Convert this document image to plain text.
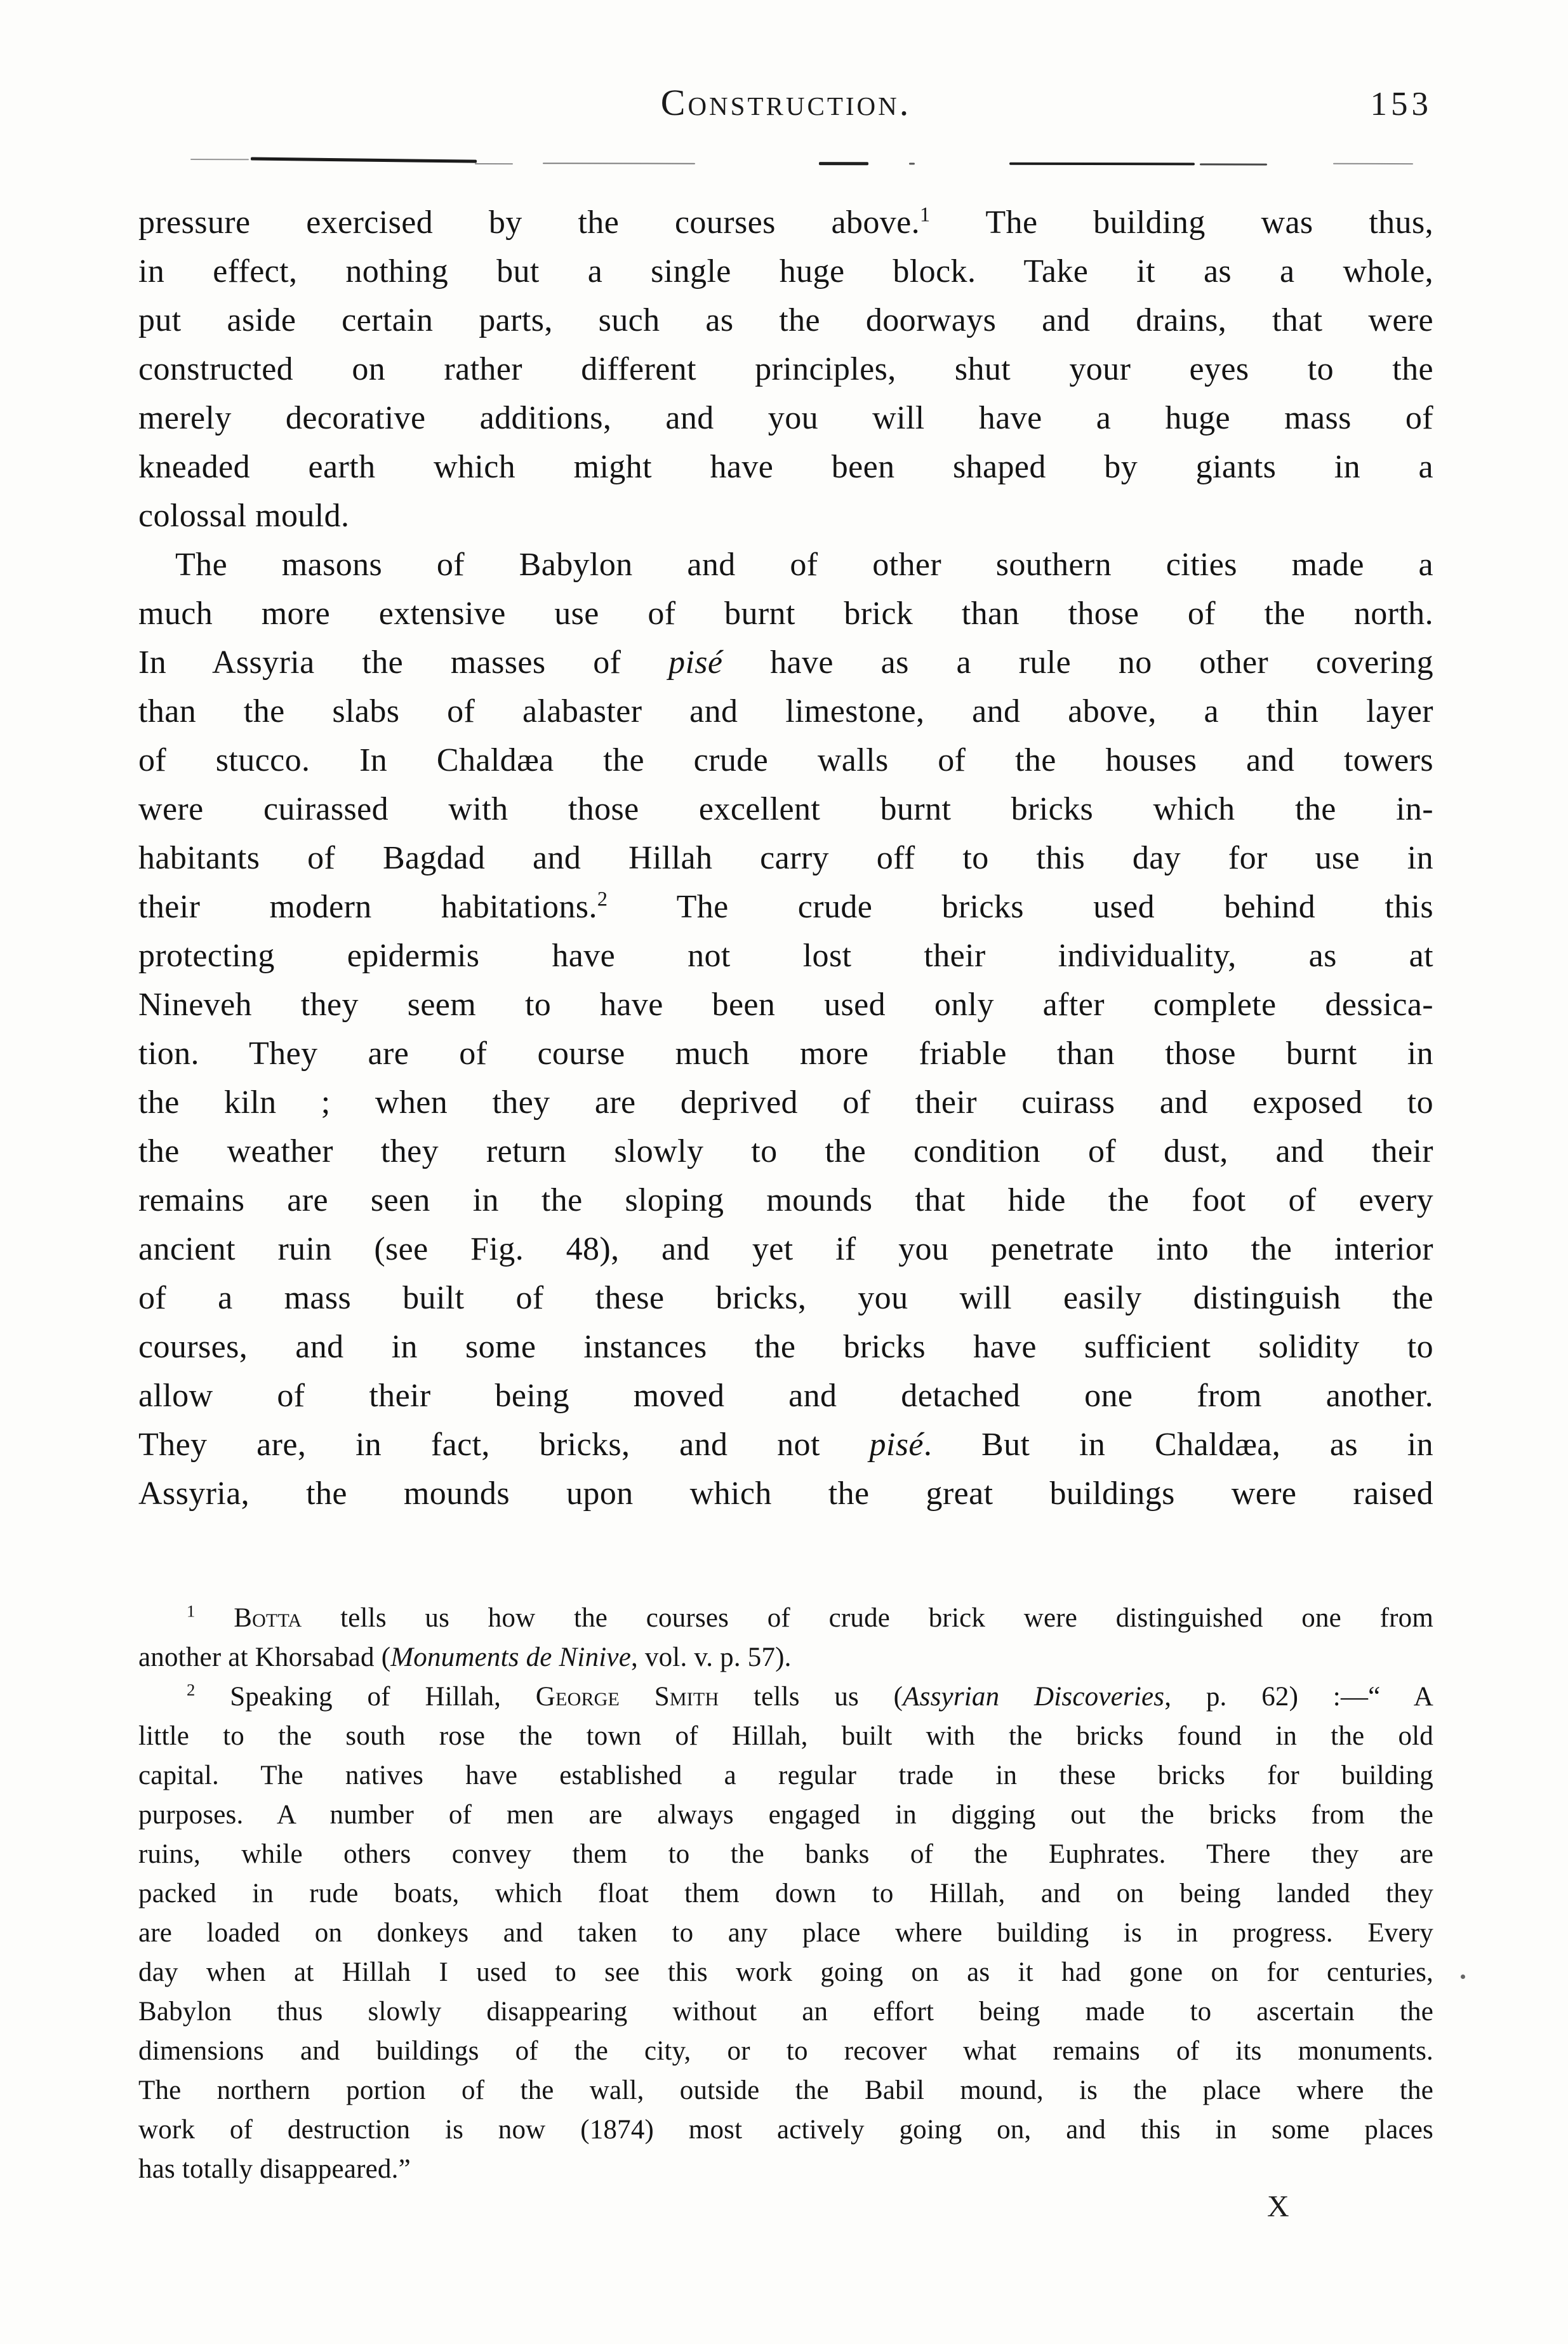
Construction.	153
pressure exercised by the courses above.$^1$ The building was thus,
in effect, nothing but a single huge block. Take it as a whole,
put aside certain parts, such as the doorways and drains, that were
constructed on rather different principles, shut your eyes to the
merely decorative additions, and you will have a huge mass of
kneaded earth which might have been shaped by giants in a
colossal mould.
The masons of Babylon and of other southern cities made a
much more extensive use of burnt brick than those of the north.
In Assyria the masses of pisé have as a rule no other covering
than the slabs of alabaster and limestone, and above, a thin layer
of stucco. In Chaldæa the crude walls of the houses and towers
were cuirassed with those excellent burnt bricks which the in-
habitants of Bagdad and Hillah carry off to this day for use in
their modern habitations.$^2$ The crude bricks used behind this
protecting epidermis have not lost their individuality, as at
Nineveh they seem to have been used only after complete dessica-
tion. They are of course much more friable than those burnt in
the kiln ; when they are deprived of their cuirass and exposed to
the weather they return slowly to the condition of dust, and their
remains are seen in the sloping mounds that hide the foot of every
ancient ruin (see Fig. 48), and yet if you penetrate into the interior
of a mass built of these bricks, you will easily distinguish the
courses, and in some instances the bricks have sufficient solidity to
allow of their being moved and detached one from another.
They are, in fact, bricks, and not pisé. But in Chaldæa, as in
Assyria, the mounds upon which the great buildings were raised
$^1$ Botta tells us how the courses of crude brick were distinguished one from
another at Khorsabad (Monuments de Ninive, vol. v. p. 57).
$^2$ Speaking of Hillah, George Smith tells us (Assyrian Discoveries, p. 62) :—“ A
little to the south rose the town of Hillah, built with the bricks found in the old
capital. The natives have established a regular trade in these bricks for building
purposes. A number of men are always engaged in digging out the bricks from the
ruins, while others convey them to the banks of the Euphrates. There they are
packed in rude boats, which float them down to Hillah, and on being landed they
are loaded on donkeys and taken to any place where building is in progress. Every
day when at Hillah I used to see this work going on as it had gone on for centuries,
Babylon thus slowly disappearing without an effort being made to ascertain the
dimensions and buildings of the city, or to recover what remains of its monuments.
The northern portion of the wall, outside the Babil mound, is the place where the
work of destruction is now (1874) most actively going on, and this in some places
has totally disappeared.”
X
